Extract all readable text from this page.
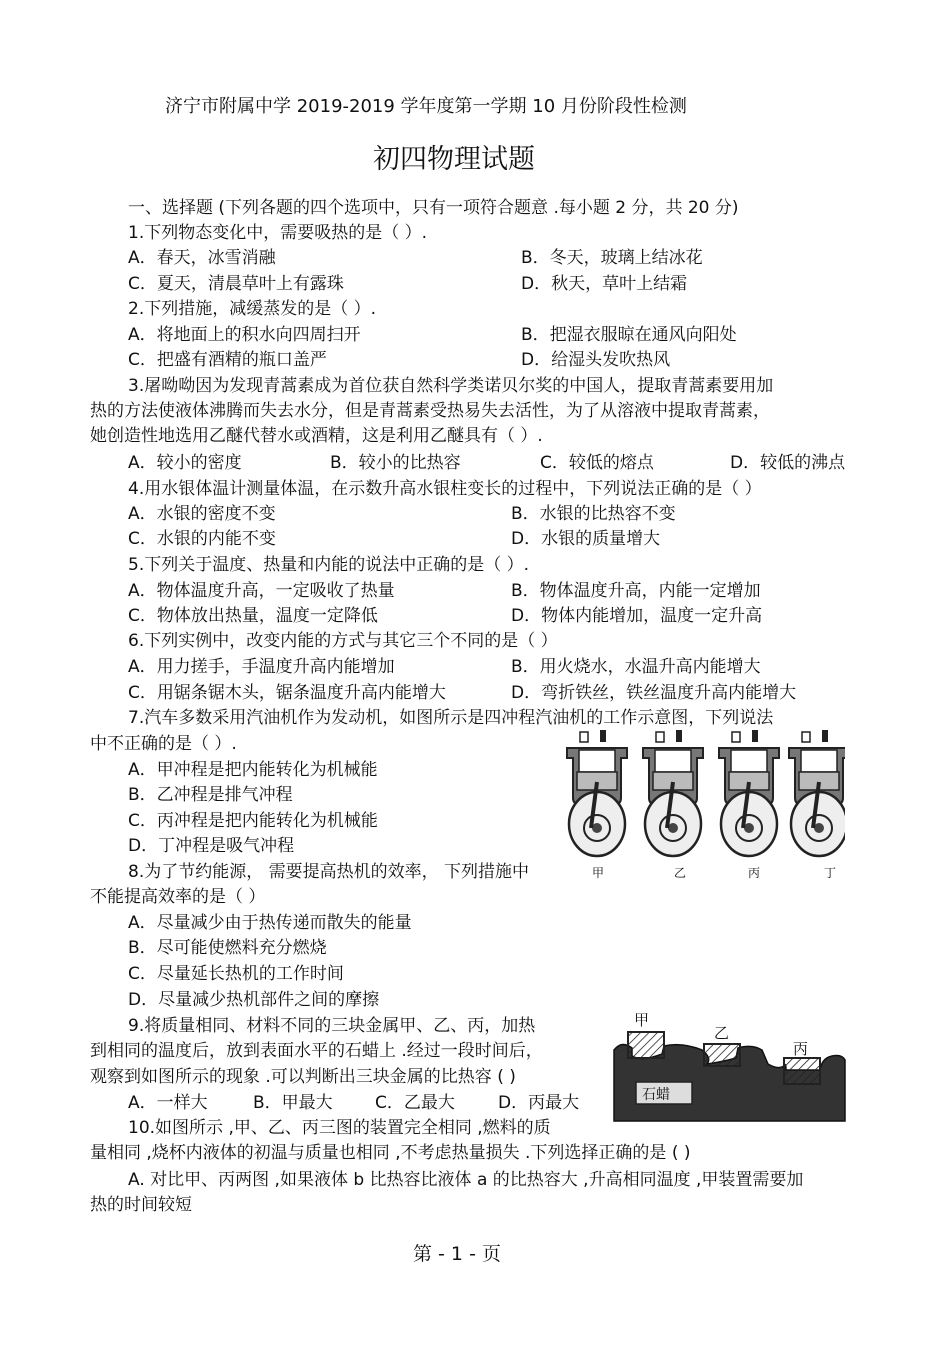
济宁市附属中学 2019-2019 学年度第一学期 10 月份阶段性检测
初四物理试题
一、选择题 (下列各题的四个选项中，只有一项符合题意 .每小题 2 分，共 20 分)
1.下列物态变化中，需要吸热的是（ ）.
A．春天，冰雪消融	B．冬天，玻璃上结冰花
C．夏天，清晨草叶上有露珠	D．秋天，草叶上结霜
2.下列措施，减缓蒸发的是（ ）.
A．将地面上的积水向四周扫开	B．把湿衣服晾在通风向阳处
C．把盛有酒精的瓶口盖严	D．给湿头发吹热风
3.屠呦呦因为发现青蒿素成为首位获自然科学类诺贝尔奖的中国人，提取青蒿素要用加
热的方法使液体沸腾而失去水分，但是青蒿素受热易失去活性，为了从溶液中提取青蒿素，
她创造性地选用乙醚代替水或酒精，这是利用乙醚具有（ ）.
A．较小的密度	B．较小的比热容	C．较低的熔点	D．较低的沸点
4.用水银体温计测量体温，在示数升高水银柱变长的过程中，下列说法正确的是（ ）
A．水银的密度不变	B．水银的比热容不变
C．水银的内能不变	D．水银的质量增大
5.下列关于温度、热量和内能的说法中正确的是（ ）.
A．物体温度升高，一定吸收了热量	B．物体温度升高，内能一定增加
C．物体放出热量，温度一定降低	D．物体内能增加，温度一定升高
6.下列实例中，改变内能的方式与其它三个不同的是（ ）
A．用力搓手，手温度升高内能增加	B．用火烧水，水温升高内能增大
C．用锯条锯木头，锯条温度升高内能增大	D．弯折铁丝，铁丝温度升高内能增大
7.汽车多数采用汽油机作为发动机，如图所示是四冲程汽油机的工作示意图，下列说法
中不正确的是（ ）.
A．甲冲程是把内能转化为机械能
B．乙冲程是排气冲程
C．丙冲程是把内能转化为机械能
D．丁冲程是吸气冲程
甲	乙	丙	丁
8.为了节约能源， 需要提高热机的效率， 下列措施中
不能提高效率的是（ ）
A．尽量减少由于热传递而散失的能量
B．尽可能使燃料充分燃烧
C．尽量延长热机的工作时间
D．尽量减少热机部件之间的摩擦
9.将质量相同、材料不同的三块金属甲、乙、丙，加热
到相同的温度后，放到表面水平的石蜡上 .经过一段时间后，
观察到如图所示的现象 .可以判断出三块金属的比热容 ( )
A．一样大	B．甲最大 C．乙最大	D．丙最大
甲
乙
丙
石蜡
10.如图所示 ,甲、乙、丙三图的装置完全相同 ,燃料的质
量相同 ,烧杯内液体的初温与质量也相同 ,不考虑热量损失 .下列选择正确的是 ( )
A. 对比甲、丙两图 ,如果液体 b 比热容比液体 a 的比热容大 ,升高相同温度 ,甲装置需要加
热的时间较短
第 - 1 - 页
